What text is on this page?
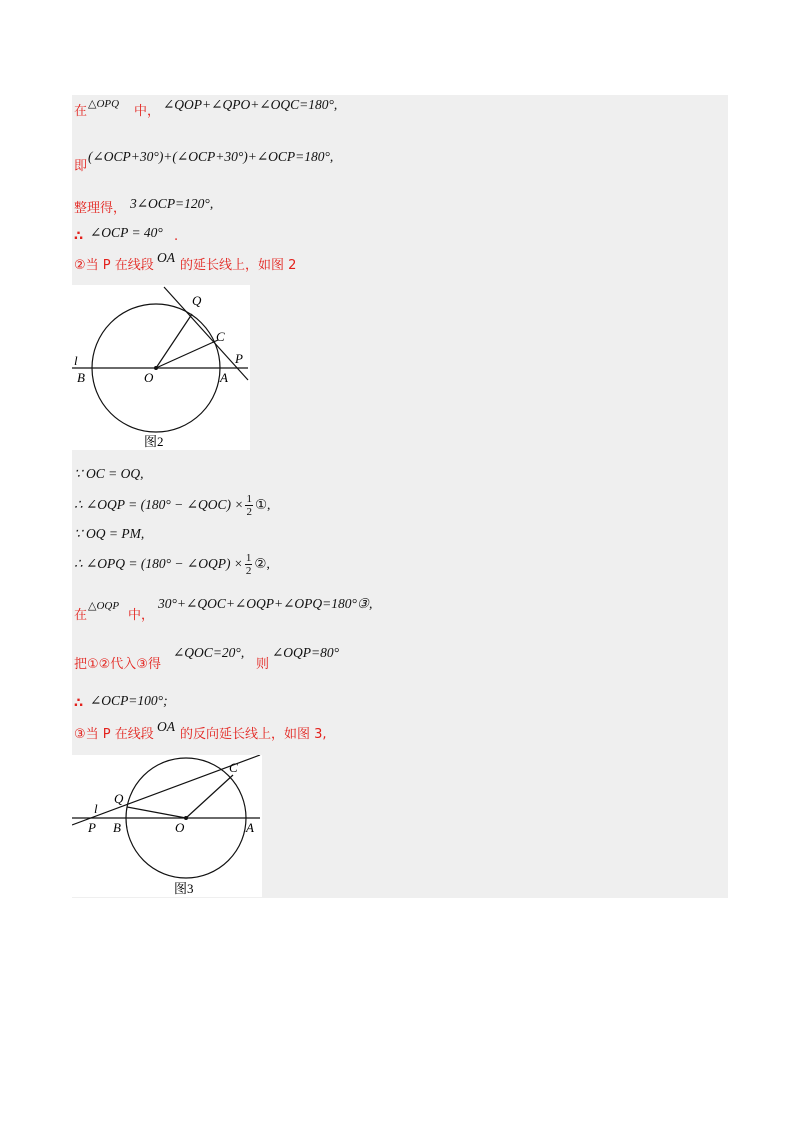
在 △OPQ 中， ∠QOP+∠QPO+∠OQC=180°,
即
(∠OCP+30°)+(∠OCP+30°)+∠OCP=180°,
整理得， 3∠OCP=120°,
∴ ∠OCP = 40° .
②当 P 在线段
OA
的延长线上，如图 2
Q
C
l	P
B	O	A
图2
∵ OC = OQ,
∴ ∠OQP = (180° − ∠QOC) × $\frac{1}{2}$ ①,
∵ OQ = PM,
∴ ∠OPQ = (180° − ∠OQP) × $\frac{1}{2}$ ②,
在
△OQP
中，
30°+∠QOC+∠OQP+∠OPQ=180°③,
把①②代入③得
∠QOC=20°,
则
∠OQP=80°
∴ ∠OCP=100°;
③当 P 在线段
OA
的反向延长线上，如图 3,
C
Q
l
P B	O	A
图3
